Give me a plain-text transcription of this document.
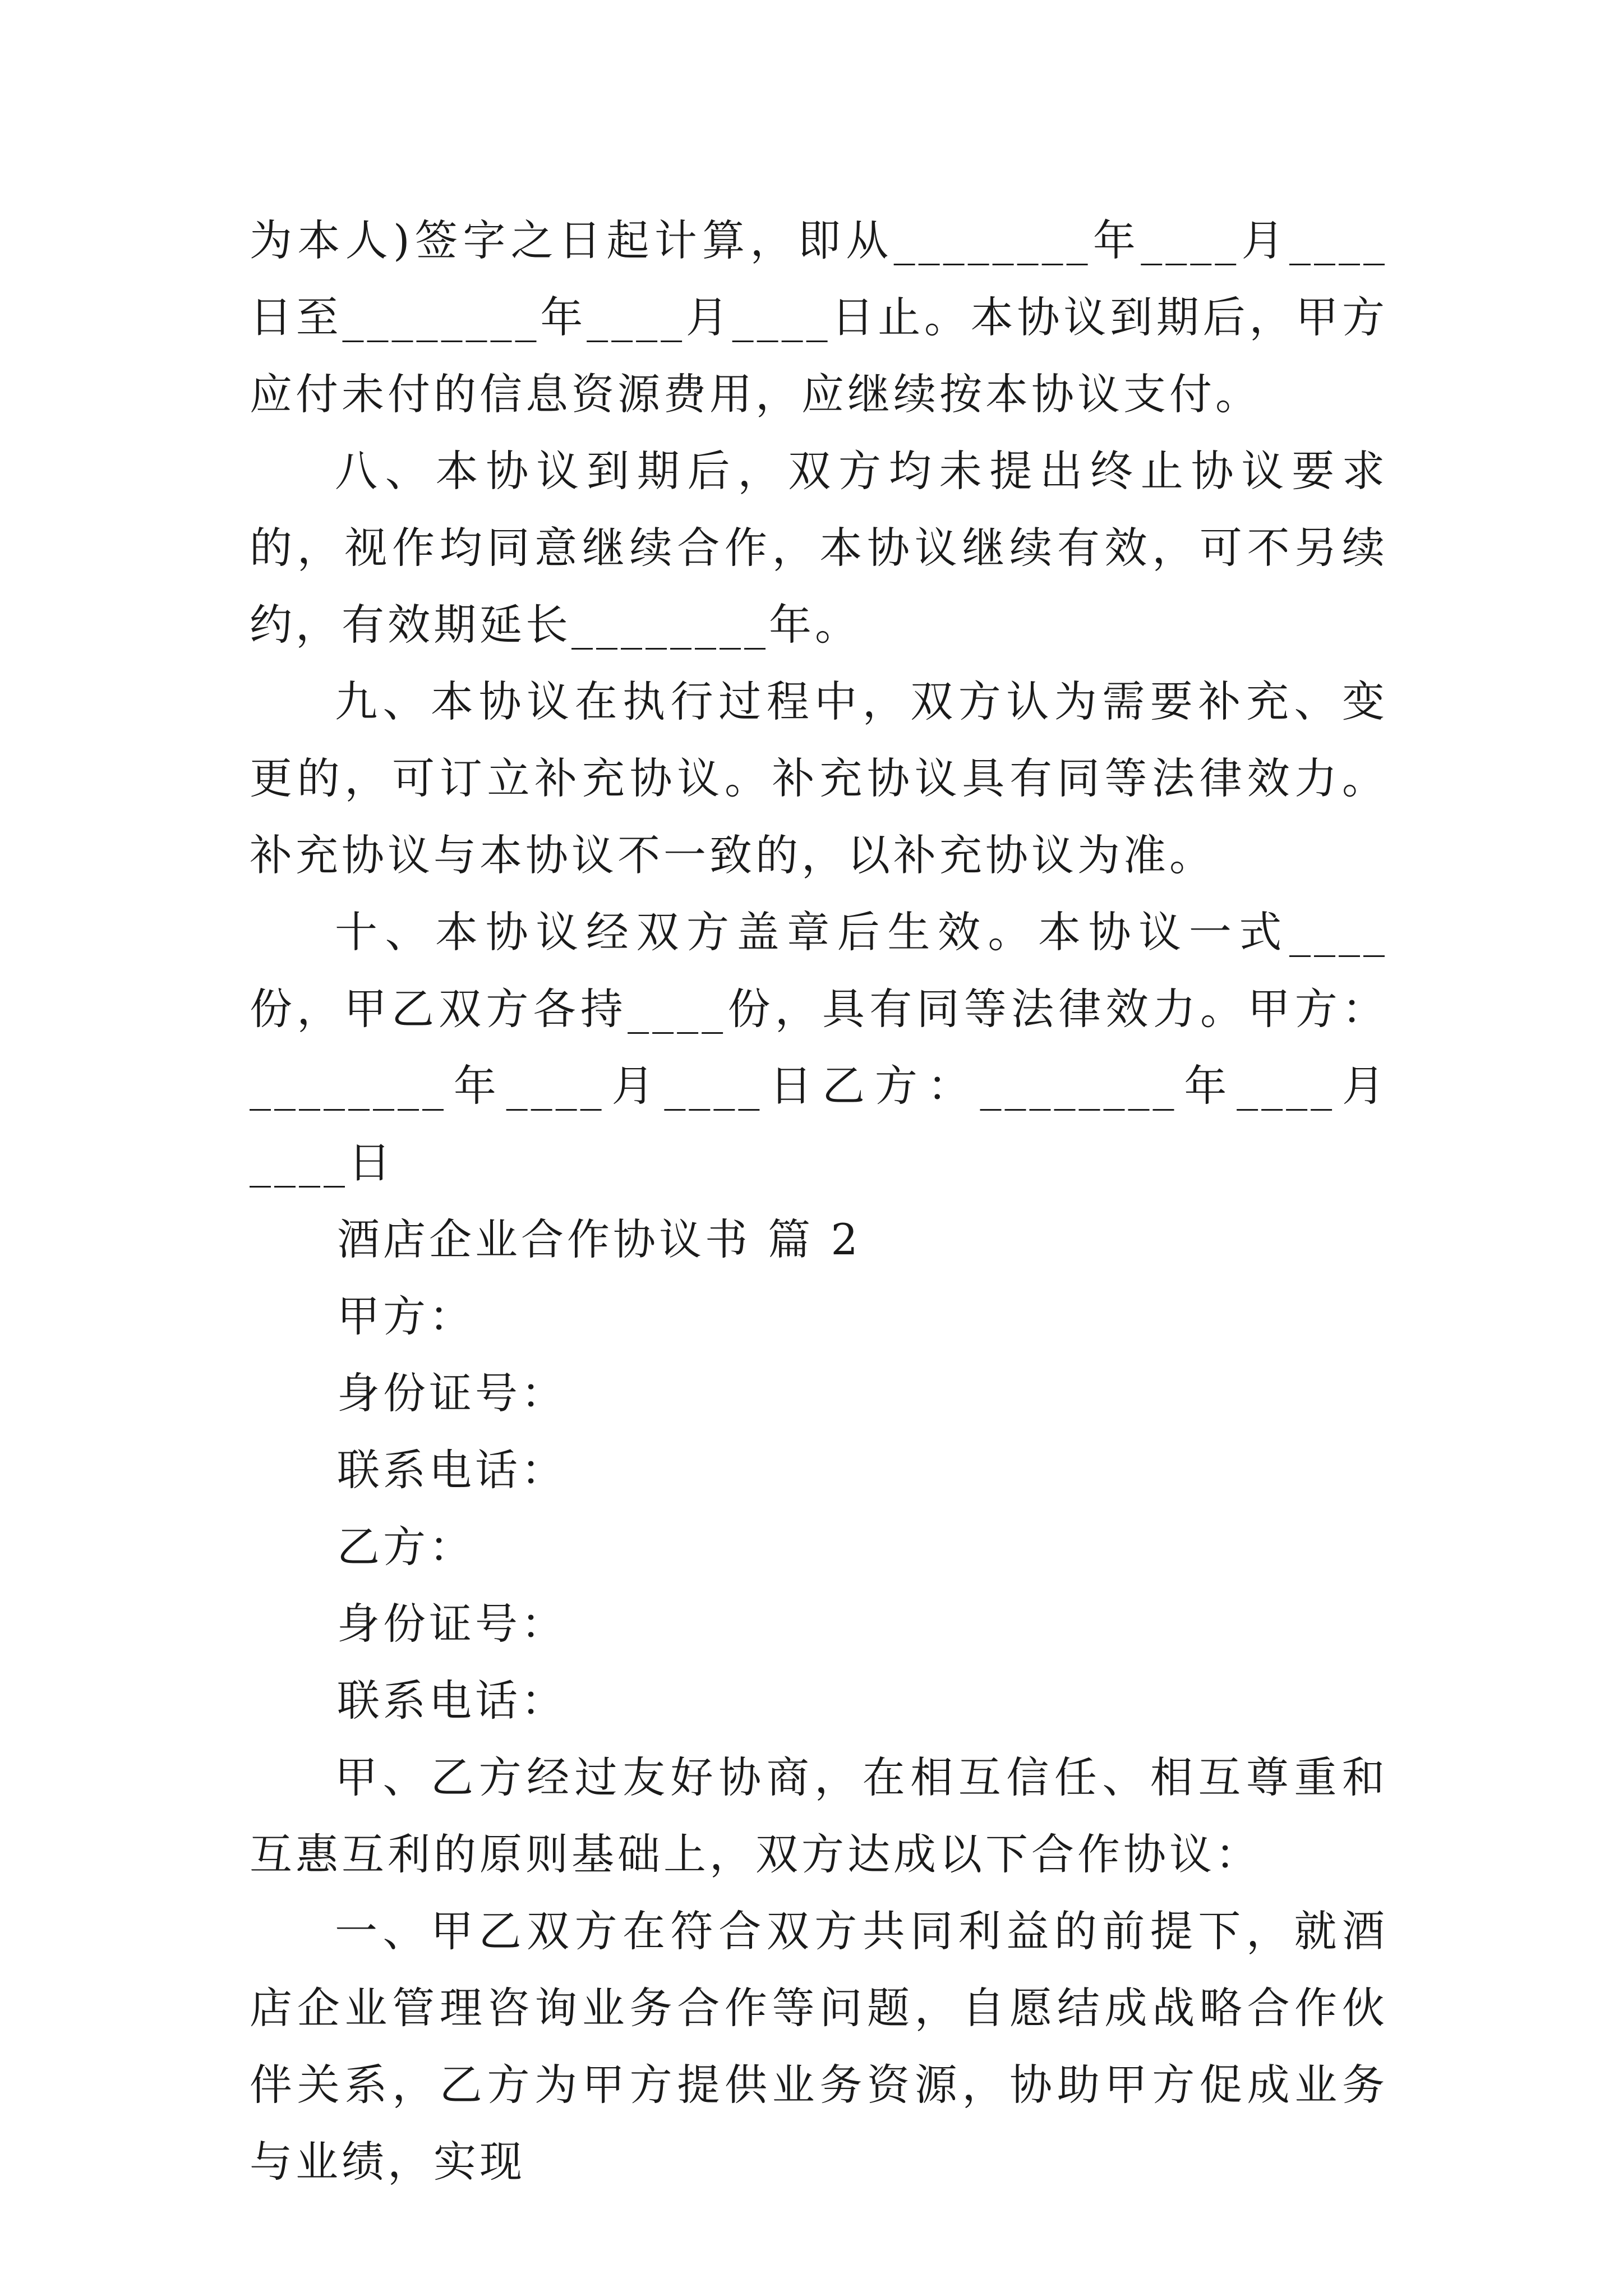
为本人)签字之日起计算，即从________年____月____日至________年____月____日止。本协议到期后，甲方应付未付的信息资源费用，应继续按本协议支付。

八、本协议到期后，双方均未提出终止协议要求的，视作均同意继续合作，本协议继续有效，可不另续约，有效期延长________年。

九、本协议在执行过程中，双方认为需要补充、变更的，可订立补充协议。补充协议具有同等法律效力。补充协议与本协议不一致的，以补充协议为准。

十、本协议经双方盖章后生效。本协议一式____份，甲乙双方各持____份，具有同等法律效力。甲方：________年____月____日乙方：________年____月____日

酒店企业合作协议书 篇 2

甲方：

身份证号：

联系电话：

乙方：

身份证号：

联系电话：

甲、乙方经过友好协商，在相互信任、相互尊重和互惠互利的原则基础上，双方达成以下合作协议：

一、甲乙双方在符合双方共同利益的前提下，就酒店企业管理咨询业务合作等问题，自愿结成战略合作伙伴关系，乙方为甲方提供业务资源，协助甲方促成业务与业绩，实现
